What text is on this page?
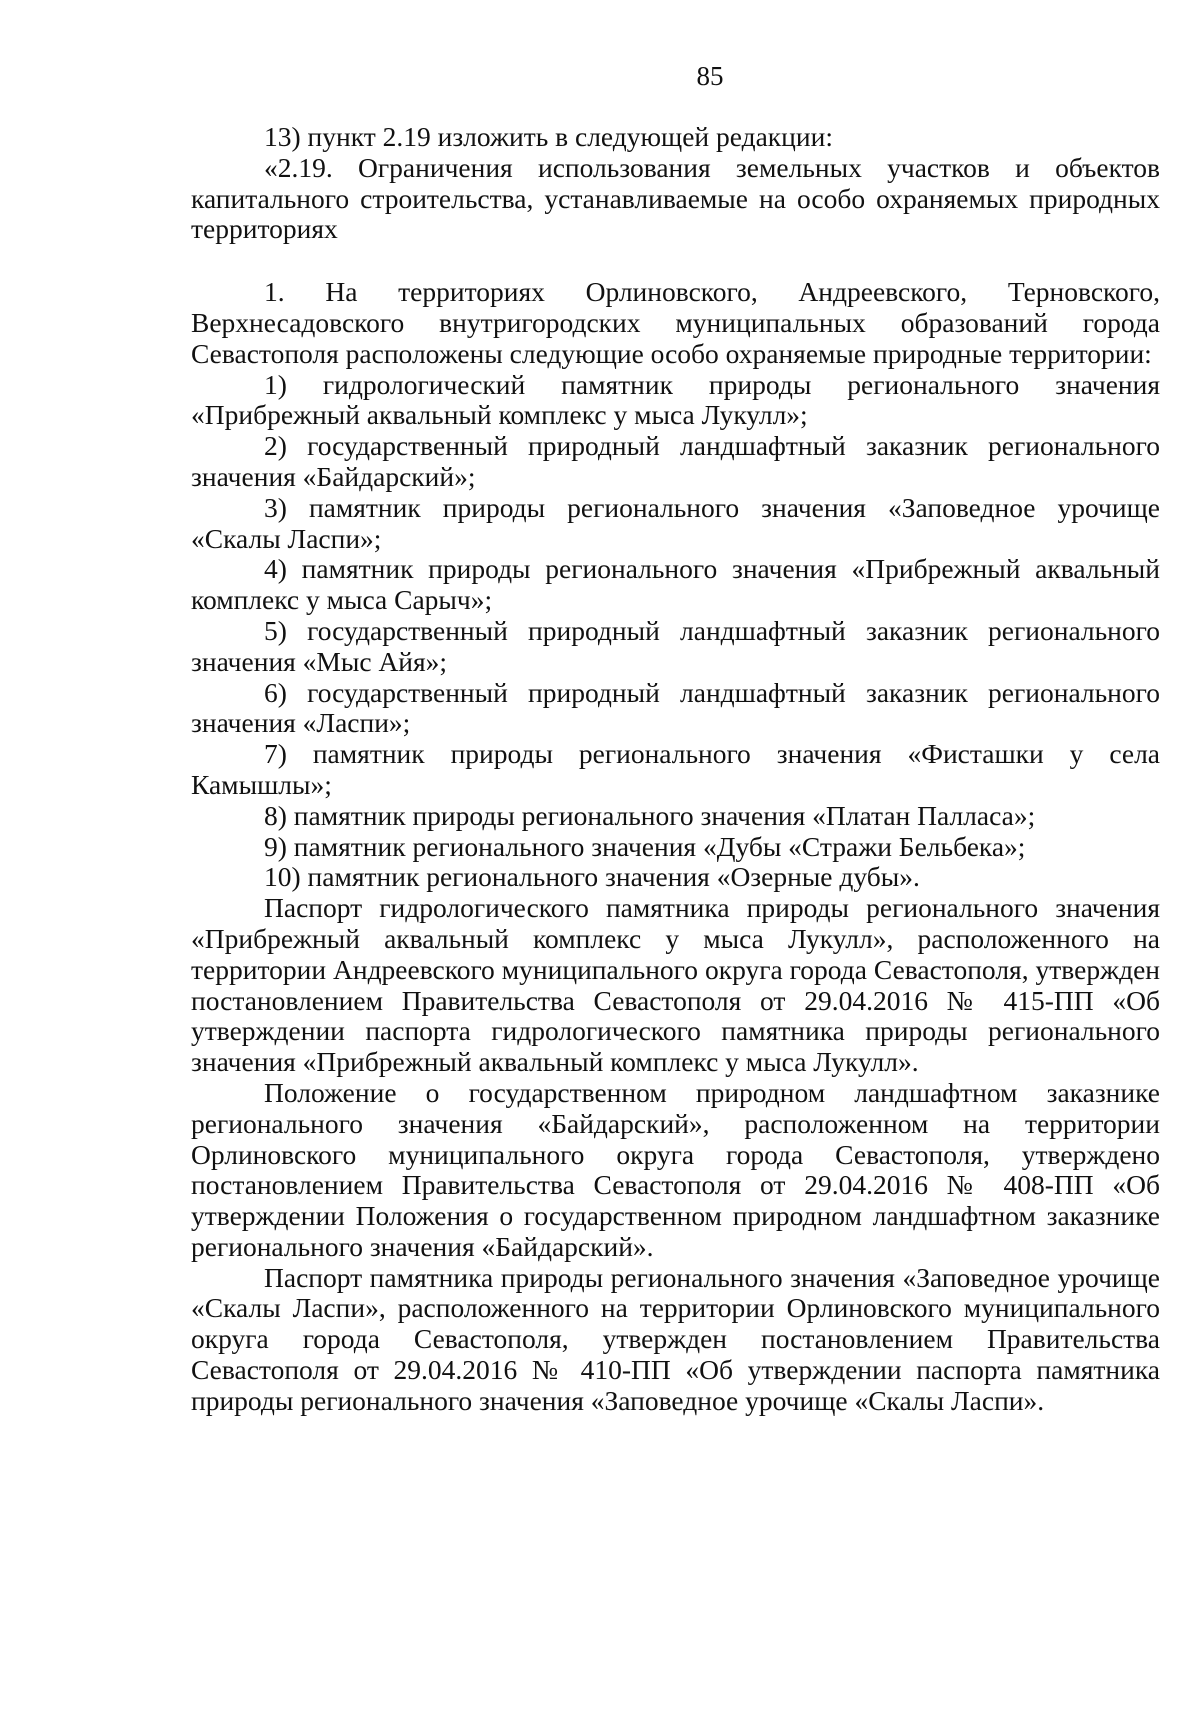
85

13) пункт 2.19 изложить в следующей редакции:

«2.19. Ограничения использования земельных участков и объектов капитального строительства, устанавливаемые на особо охраняемых природных территориях

1. На территориях Орлиновского, Андреевского, Терновского, Верхнесадовского внутригородских муниципальных образований города Севастополя расположены следующие особо охраняемые природные территории:

1) гидрологический памятник природы регионального значения «Прибрежный аквальный комплекс у мыса Лукулл»;

2) государственный природный ландшафтный заказник регионального значения «Байдарский»;

3) памятник природы регионального значения «Заповедное урочище «Скалы Ласпи»;

4) памятник природы регионального значения «Прибрежный аквальный комплекс у мыса Сарыч»;

5) государственный природный ландшафтный заказник регионального значения «Мыс Айя»;

6) государственный природный ландшафтный заказник регионального значения «Ласпи»;

7) памятник природы регионального значения «Фисташки у села Камышлы»;

8) памятник природы регионального значения «Платан Палласа»;

9) памятник регионального значения «Дубы «Стражи Бельбека»;

10) памятник регионального значения «Озерные дубы».

Паспорт гидрологического памятника природы регионального значения «Прибрежный аквальный комплекс у мыса Лукулл», расположенного на территории Андреевского муниципального округа города Севастополя, утвержден постановлением Правительства Севастополя от 29.04.2016 № 415-ПП «Об утверждении паспорта гидрологического памятника природы регионального значения «Прибрежный аквальный комплекс у мыса Лукулл».

Положение о государственном природном ландшафтном заказнике регионального значения «Байдарский», расположенном на территории Орлиновского муниципального округа города Севастополя, утверждено постановлением Правительства Севастополя от 29.04.2016 № 408-ПП «Об утверждении Положения о государственном природном ландшафтном заказнике регионального значения «Байдарский».

Паспорт памятника природы регионального значения «Заповедное урочище «Скалы Ласпи», расположенного на территории Орлиновского муниципального округа города Севастополя, утвержден постановлением Правительства Севастополя от 29.04.2016 № 410-ПП «Об утверждении паспорта памятника природы регионального значения «Заповедное урочище «Скалы Ласпи».
